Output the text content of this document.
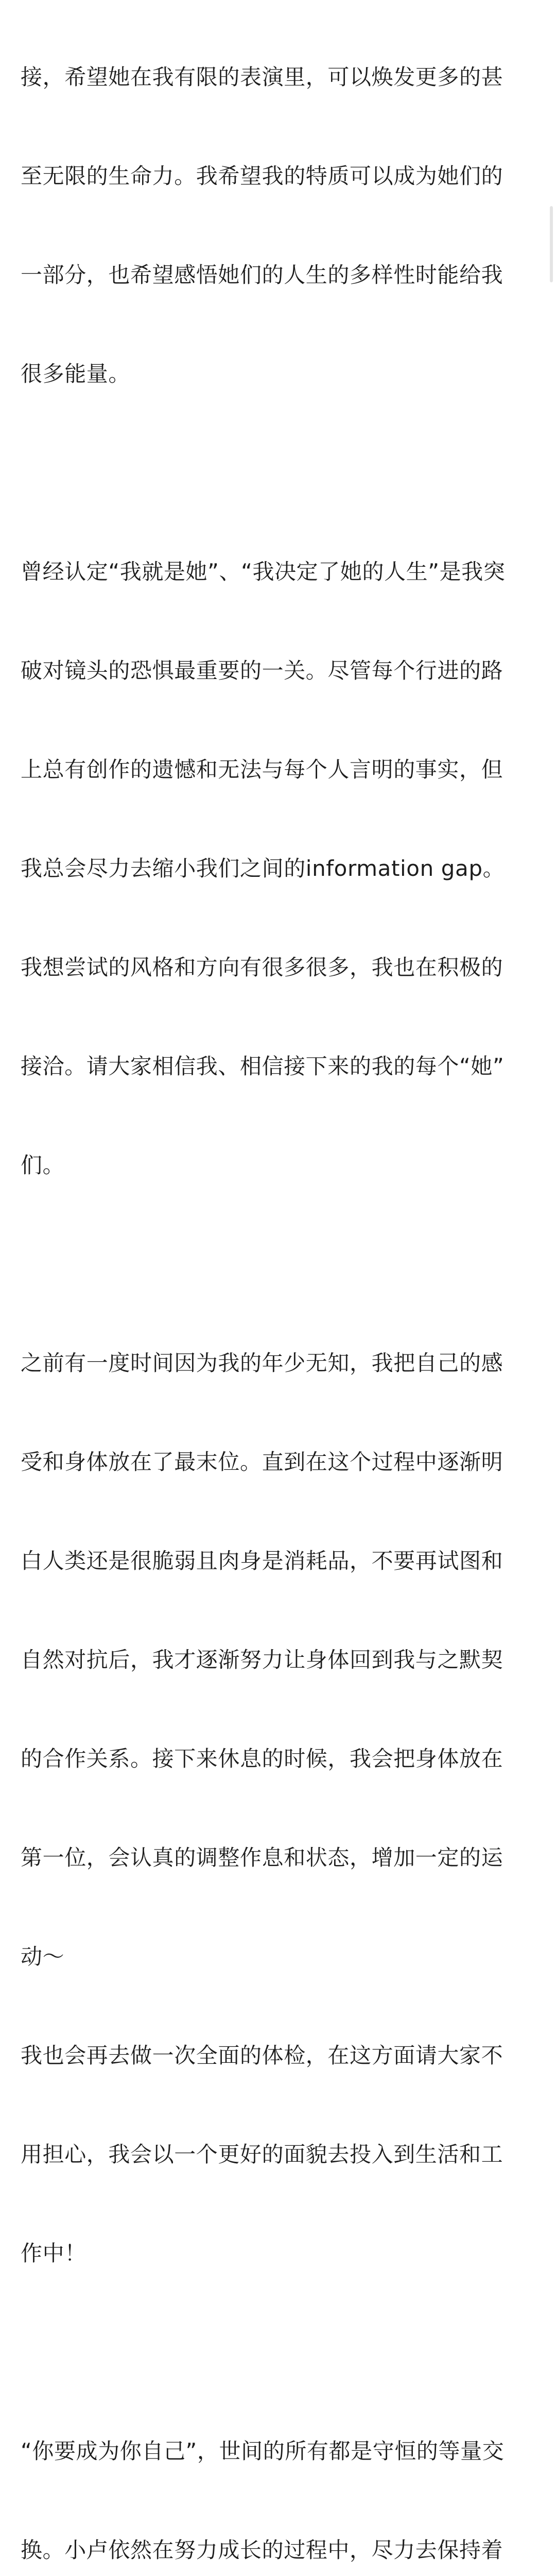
接，希望她在我有限的表演里，可以焕发更多的甚

至无限的生命力。我希望我的特质可以成为她们的

一部分，也希望感悟她们的人生的多样性时能给我

很多能量。

曾经认定“我就是她”、“我决定了她的人生”是我突

破对镜头的恐惧最重要的一关。尽管每个行进的路

上总有创作的遗憾和无法与每个人言明的事实，但

我总会尽力去缩小我们之间的information gap。

我想尝试的风格和方向有很多很多，我也在积极的

接洽。请大家相信我、相信接下来的我的每个“她”

们。

之前有一度时间因为我的年少无知，我把自己的感

受和身体放在了最末位。直到在这个过程中逐渐明

白人类还是很脆弱且肉身是消耗品，不要再试图和

自然对抗后，我才逐渐努力让身体回到我与之默契

的合作关系。接下来休息的时候，我会把身体放在

第一位，会认真的调整作息和状态，增加一定的运

动～

我也会再去做一次全面的体检，在这方面请大家不

用担心，我会以一个更好的面貌去投入到生活和工

作中！

“你要成为你自己”，世间的所有都是守恒的等量交

换。小卢依然在努力成长的过程中，尽力去保持着
